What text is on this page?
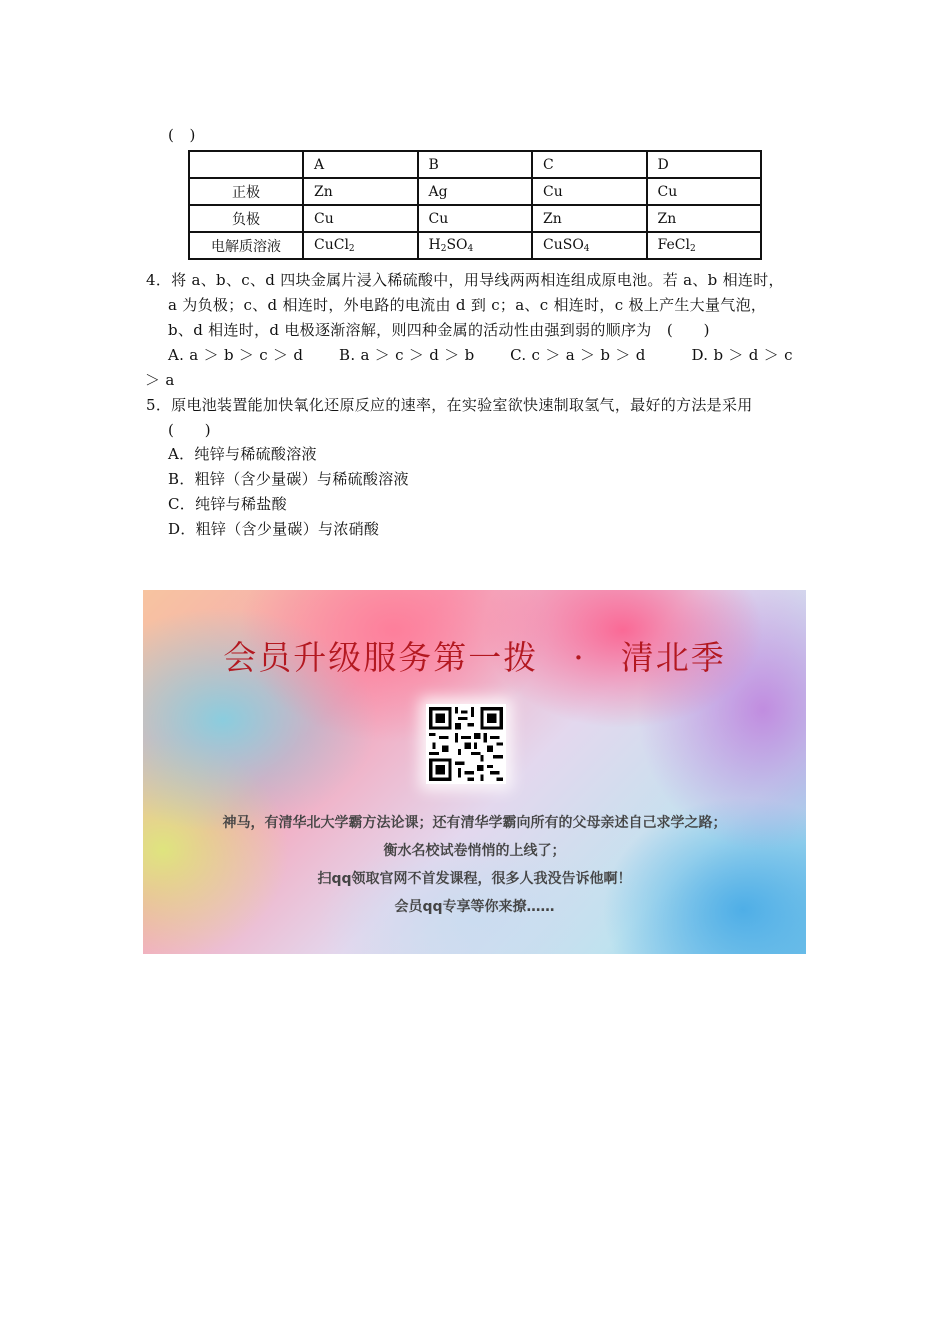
(　)
	A	B	C	D
正极	Zn	Ag	Cu	Cu
负极	Cu	Cu	Zn	Zn
电解质溶液	CuCl$_2$	$H_2SO_4$	CuSO$_4$	FeCl$_2$
4．将 a、b、c、d 四块金属片浸入稀硫酸中，用导线两两相连组成原电池。若 a、b 相连时，
a 为负极；c、d 相连时，外电路的电流由 d 到 c；a、c 相连时，c 极上产生大量气泡，
b、d 相连时，d 电极逐渐溶解，则四种金属的活动性由强到弱的顺序为　(　　)
A. a ＞ b ＞ c ＞ d　　 B. a ＞ c ＞ d ＞ b　　 C. c ＞ a ＞ b ＞ d　　　D. b ＞ d ＞ c
＞ a
5．原电池装置能加快氧化还原反应的速率，在实验室欲快速制取氢气，最好的方法是采用
(　　)
A．纯锌与稀硫酸溶液
B．粗锌（含少量碳）与稀硫酸溶液
C．纯锌与稀盐酸
D．粗锌（含少量碳）与浓硝酸
会员升级服务第一拨　·　清北季
神马，有清华北大学霸方法论课；还有清华学霸向所有的父母亲述自己求学之路；
衡水名校试卷悄悄的上线了；
扫qq领取官网不首发课程，很多人我没告诉他啊！
会员qq专享等你来撩……
